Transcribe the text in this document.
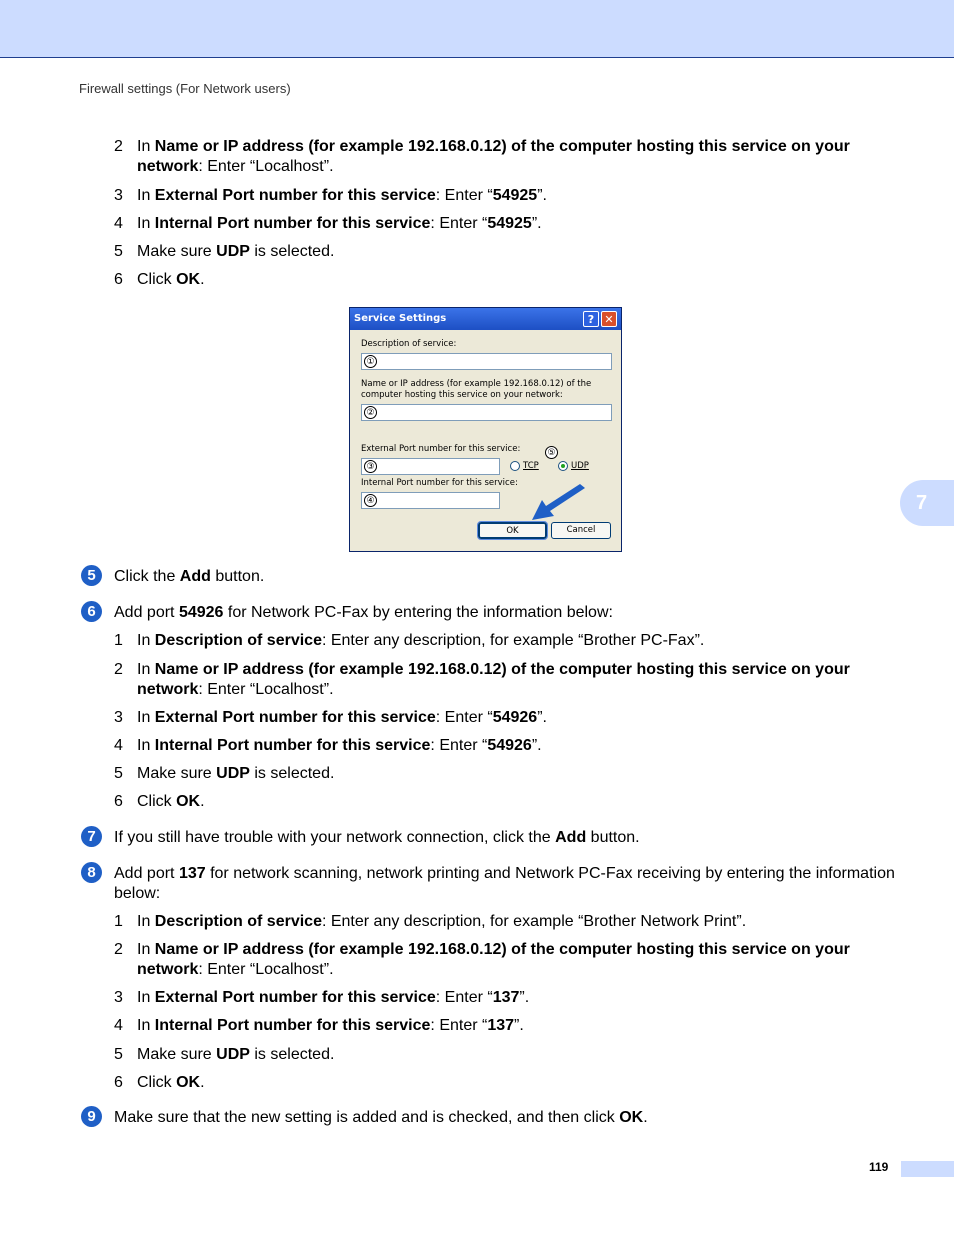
Firewall settings (For Network users)
2 In Name or IP address (for example 192.168.0.12) of the computer hosting this service on your network: Enter “Localhost”.
3 In External Port number for this service: Enter “54925”.
4 In Internal Port number for this service: Enter “54925”.
5 Make sure UDP is selected.
6 Click OK.
Service Settings	? ✕
Description of service:
①
Name or IP address (for example 192.168.0.12) of the
computer hosting this service on your network:
②
External Port number for this service:	⑤
③	TCP	UDP
Internal Port number for this service:
④
OK	Cancel
5	Click the Add button.
6	Add port 54926 for Network PC-Fax by entering the information below:
1 In Description of service: Enter any description, for example “Brother PC-Fax”.
2 In Name or IP address (for example 192.168.0.12) of the computer hosting this service on your network: Enter “Localhost”.
3 In External Port number for this service: Enter “54926”.
4 In Internal Port number for this service: Enter “54926”.
5 Make sure UDP is selected.
6 Click OK.
7	If you still have trouble with your network connection, click the Add button.
8	Add port 137 for network scanning, network printing and Network PC-Fax receiving by entering the information below:
1 In Description of service: Enter any description, for example “Brother Network Print”.
2 In Name or IP address (for example 192.168.0.12) of the computer hosting this service on your network: Enter “Localhost”.
3 In External Port number for this service: Enter “137”.
4 In Internal Port number for this service: Enter “137”.
5 Make sure UDP is selected.
6 Click OK.
9	Make sure that the new setting is added and is checked, and then click OK.
7
119
